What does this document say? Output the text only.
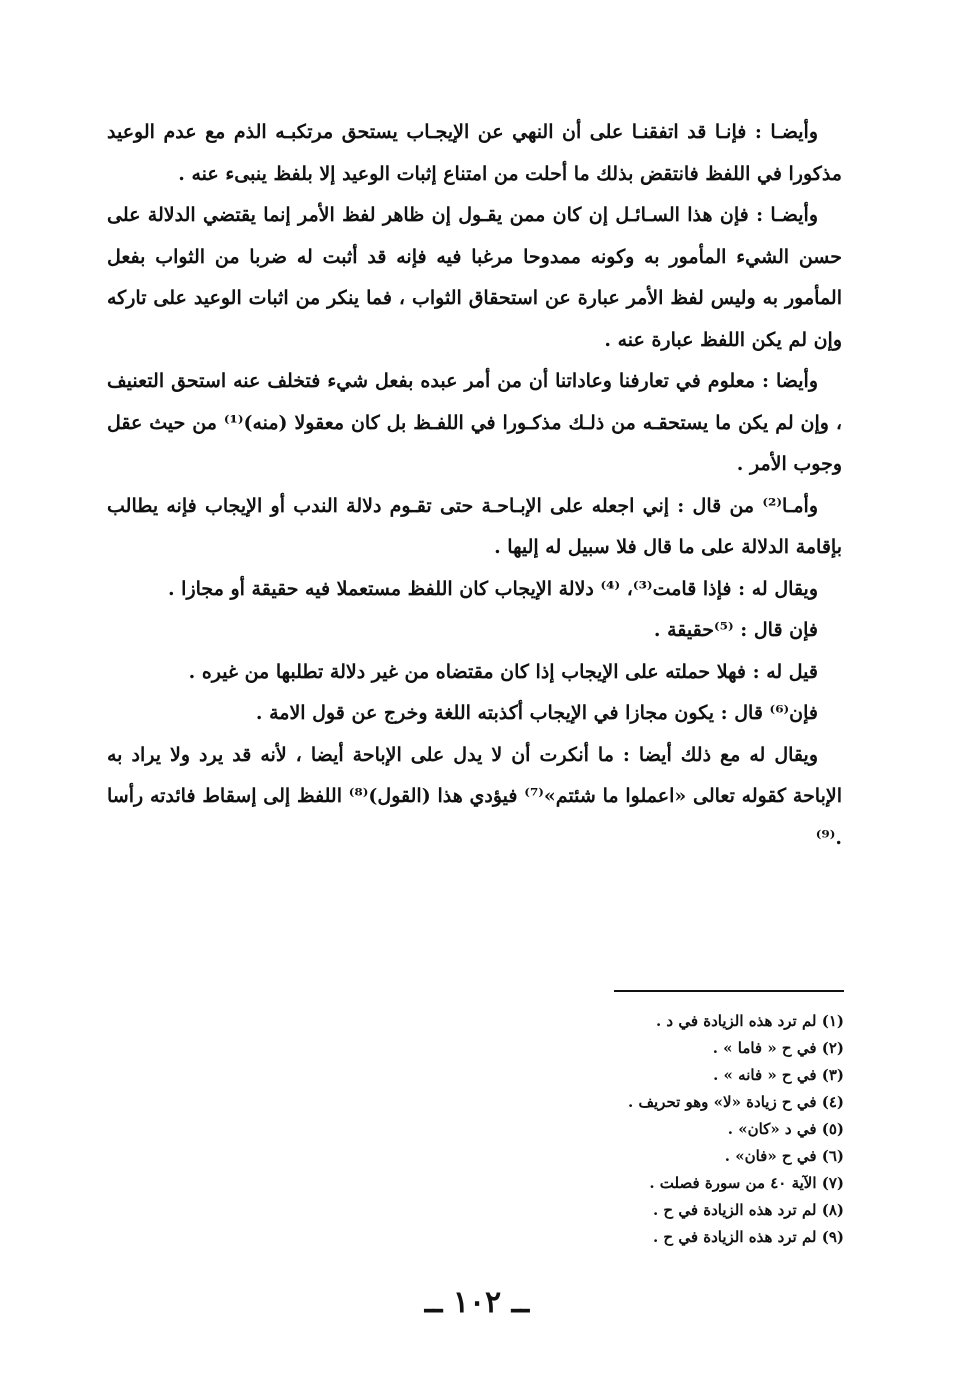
وأيضـا : فإنـا قد اتفقنـا على أن النهي عن الإيجـاب يستحق مرتكبـه الذم مع عدم الوعيد مذكورا في اللفظ فانتقض بذلك ما أحلت من امتناع إثبات الوعيد إلا بلفظ ينبىء عنه .

وأيضـا : فإن هذا السـائـل إن كان ممن يقـول إن ظاهر لفظ الأمر إنما يقتضي الدلالة على حسن الشيء المأمور به وكونه ممدوحا مرغبا فيه فإنه قد أثبت له ضربا من الثواب بفعل المأمور به وليس لفظ الأمر عبارة عن استحقاق الثواب ، فما ينكر من اثبات الوعيد على تاركه وإن لم يكن اللفظ عبارة عنه .

وأيضا : معلوم في تعارفنا وعاداتنا أن من أمر عبده بفعل شيء فتخلف عنه استحق التعنيف ، وإن لم يكن ما يستحقـه من ذلـك مذكـورا في اللفـظ بل كان معقولا (منه)⁽¹⁾ من حيث عقل وجوب الأمر .

وأمـا⁽²⁾ من قال : إني اجعله على الإبـاحـة حتى تقـوم دلالة الندب أو الإيجاب فإنه يطالب بإقامة الدلالة على ما قال فلا سبيل له إليها .

ويقال له : فإذا قامت⁽³⁾، ⁽⁴⁾ دلالة الإيجاب كان اللفظ مستعملا فيه حقيقة أو مجازا .

فإن قال : ⁽⁵⁾حقيقة .

قيل له : فهلا حملته على الإيجاب إذا كان مقتضاه من غير دلالة تطلبها من غيره .

فإن⁽⁶⁾ قال : يكون مجازا في الإيجاب أكذبته اللغة وخرج عن قول الامة .

ويقال له مع ذلك أيضا : ما أنكرت أن لا يدل على الإباحة أيضا ، لأنه قد يرد ولا يراد به الإباحة كقوله تعالى «اعملوا ما شئتم»⁽⁷⁾ فيؤدي هذا (القول)⁽⁸⁾ اللفظ إلى إسقاط فائدته رأسا .⁽⁹⁾

(١) لم ترد هذه الزيادة في د .
(٢) في ح « فاما » .
(٣) في ح « فانه » .
(٤) في ح زيادة «لا» وهو تحريف .
(٥) في د «كان» .
(٦) في ح «فان» .
(٧) الآية ٤٠ من سورة فصلت .
(٨) لم ترد هذه الزيادة في ح .
(٩) لم ترد هذه الزيادة في ح .
ــ ١٠٢ ــ
